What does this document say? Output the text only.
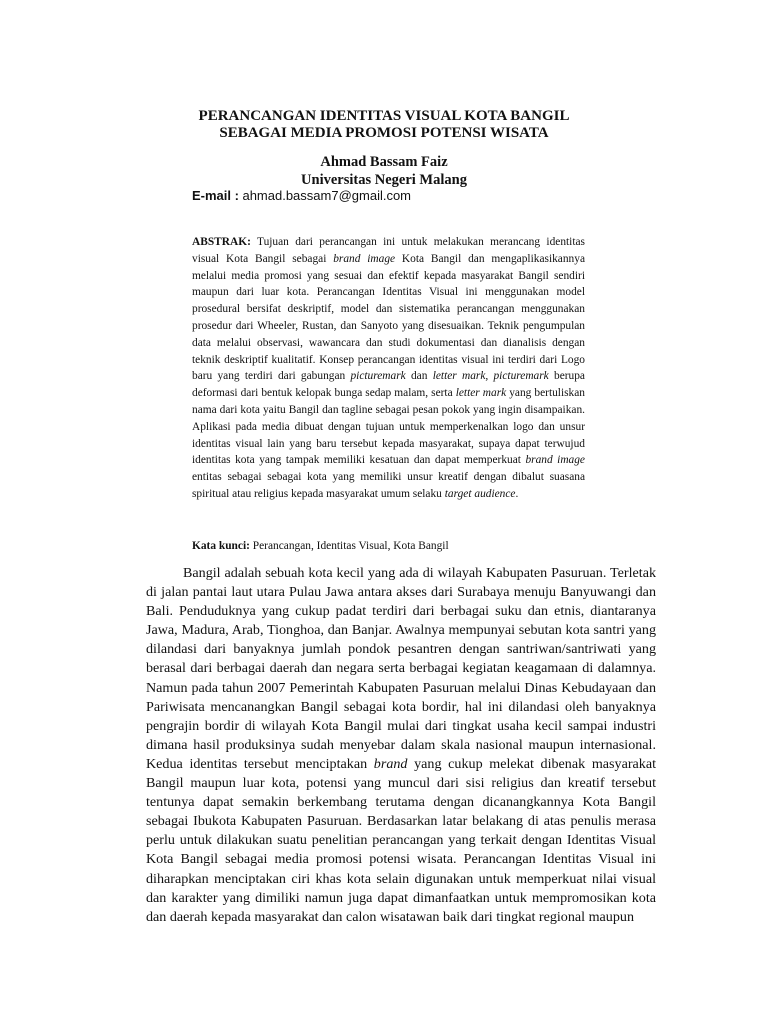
PERANCANGAN IDENTITAS VISUAL KOTA BANGIL
SEBAGAI MEDIA PROMOSI POTENSI WISATA
Ahmad Bassam Faiz
Universitas Negeri Malang
E-mail : ahmad.bassam7@gmail.com
ABSTRAK: Tujuan dari perancangan ini untuk melakukan merancang identitas visual Kota Bangil sebagai brand image Kota Bangil dan mengaplikasikannya melalui media promosi yang sesuai dan efektif kepada masyarakat Bangil sendiri maupun dari luar kota. Perancangan Identitas Visual ini menggunakan model prosedural bersifat deskriptif, model dan sistematika perancangan menggunakan prosedur dari Wheeler, Rustan, dan Sanyoto yang disesuaikan. Teknik pengumpulan data melalui observasi, wawancara dan studi dokumentasi dan dianalisis dengan teknik deskriptif kualitatif. Konsep perancangan identitas visual ini terdiri dari Logo baru yang terdiri dari gabungan picturemark dan letter mark, picturemark berupa deformasi dari bentuk kelopak bunga sedap malam, serta letter mark yang bertuliskan nama dari kota yaitu Bangil dan tagline sebagai pesan pokok yang ingin disampaikan. Aplikasi pada media dibuat dengan tujuan untuk memperkenalkan logo dan unsur identitas visual lain yang baru tersebut kepada masyarakat, supaya dapat terwujud identitas kota yang tampak memiliki kesatuan dan dapat memperkuat brand image entitas sebagai sebagai kota yang memiliki unsur kreatif dengan dibalut suasana spiritual atau religius kepada masyarakat umum selaku target audience.
Kata kunci: Perancangan, Identitas Visual, Kota Bangil
Bangil adalah sebuah kota kecil yang ada di wilayah Kabupaten Pasuruan. Terletak di jalan pantai laut utara Pulau Jawa antara akses dari Surabaya menuju Banyuwangi dan Bali. Penduduknya yang cukup padat terdiri dari berbagai suku dan etnis, diantaranya Jawa, Madura, Arab, Tionghoa, dan Banjar. Awalnya mempunyai sebutan kota santri yang dilandasi dari banyaknya jumlah pondok pesantren dengan santriwan/santriwati yang berasal dari berbagai daerah dan negara serta berbagai kegiatan keagamaan di dalamnya. Namun pada tahun 2007 Pemerintah Kabupaten Pasuruan melalui Dinas Kebudayaan dan Pariwisata mencanangkan Bangil sebagai kota bordir, hal ini dilandasi oleh banyaknya pengrajin bordir di wilayah Kota Bangil mulai dari tingkat usaha kecil sampai industri dimana hasil produksinya sudah menyebar dalam skala nasional maupun internasional. Kedua identitas tersebut menciptakan brand yang cukup melekat dibenak masyarakat Bangil maupun luar kota, potensi yang muncul dari sisi religius dan kreatif tersebut tentunya dapat semakin berkembang terutama dengan dicanangkannya Kota Bangil sebagai Ibukota Kabupaten Pasuruan. Berdasarkan latar belakang di atas penulis merasa perlu untuk dilakukan suatu penelitian perancangan yang terkait dengan Identitas Visual Kota Bangil sebagai media promosi potensi wisata. Perancangan Identitas Visual ini diharapkan menciptakan ciri khas kota selain digunakan untuk memperkuat nilai visual dan karakter yang dimiliki namun juga dapat dimanfaatkan untuk mempromosikan kota dan daerah kepada masyarakat dan calon wisatawan baik dari tingkat regional maupun
